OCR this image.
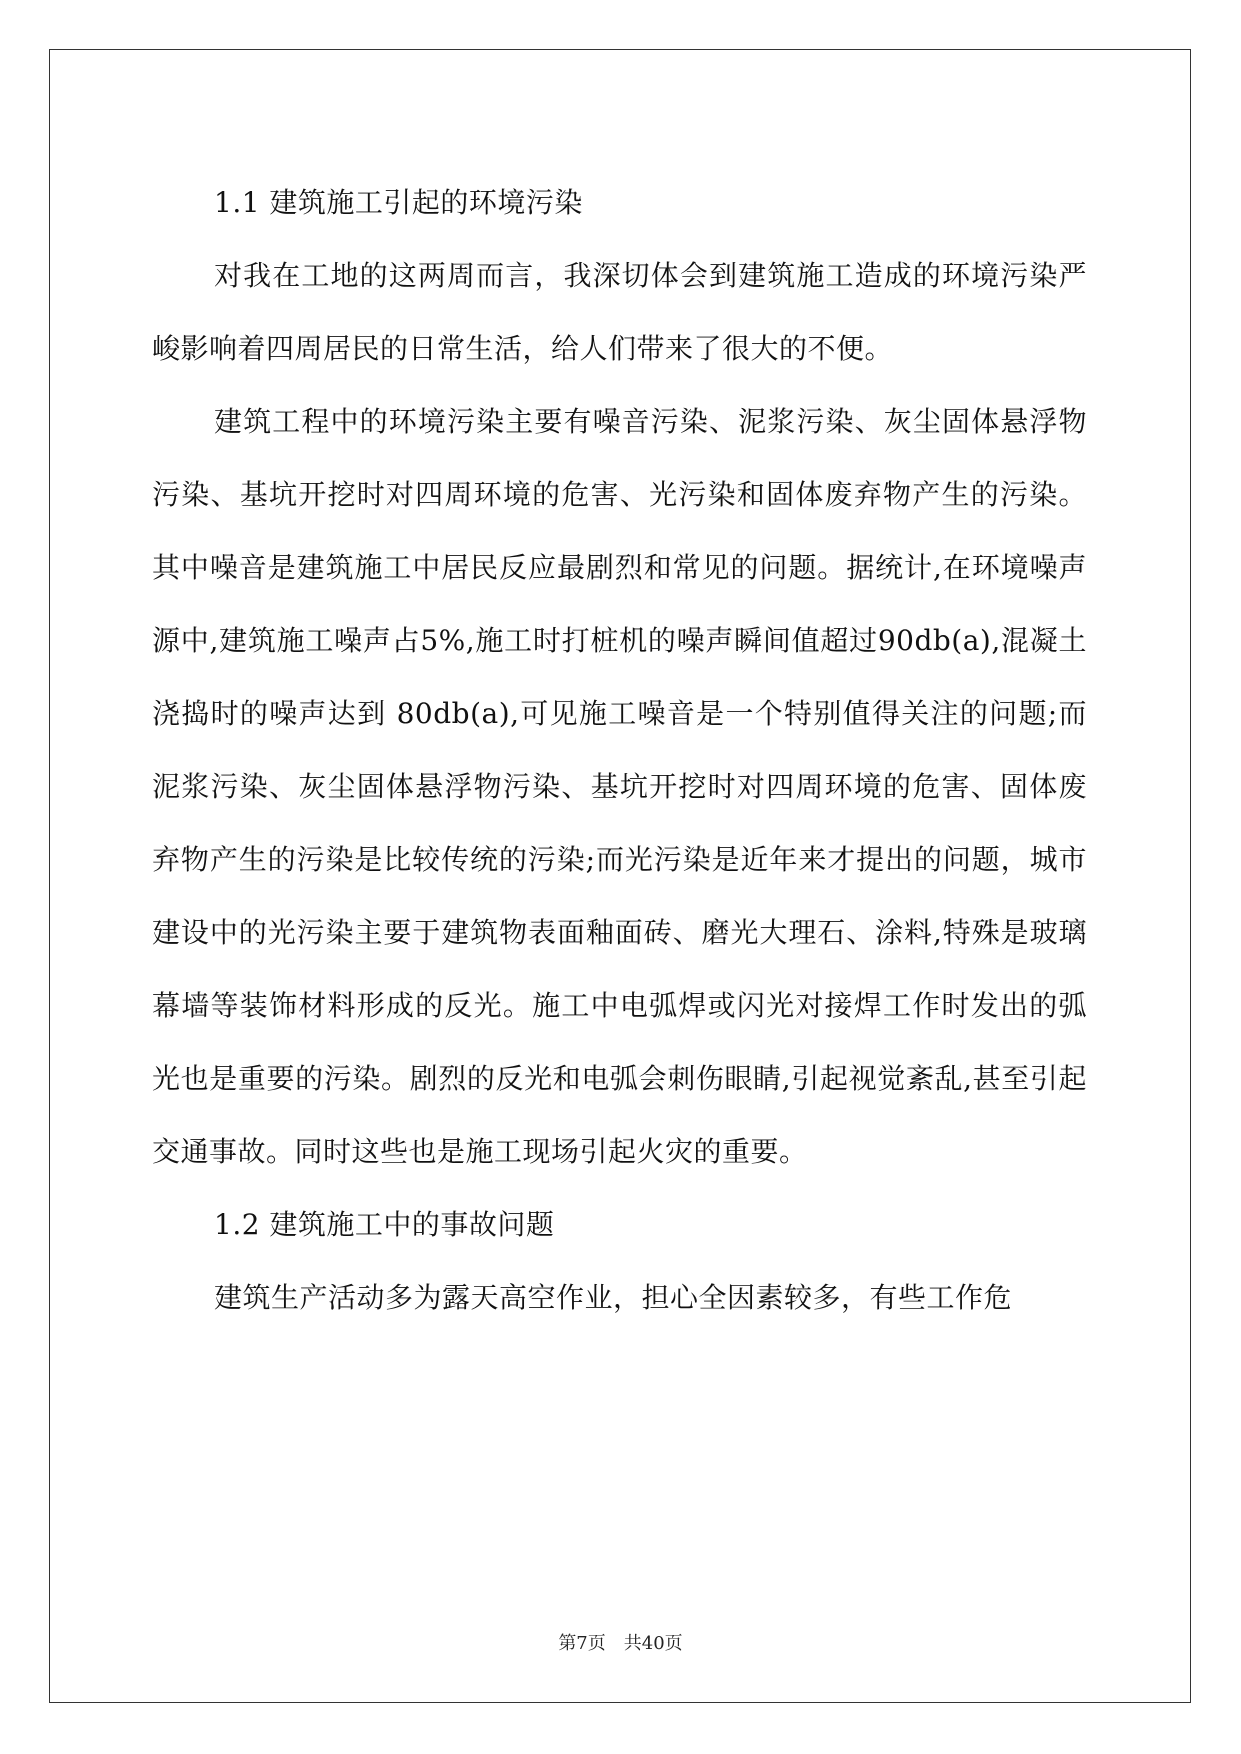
1.1 建筑施工引起的环境污染

对我在工地的这两周而言，我深切体会到建筑施工造成的环境污染严峻影响着四周居民的日常生活，给人们带来了很大的不便。

建筑工程中的环境污染主要有噪音污染、泥浆污染、灰尘固体悬浮物污染、基坑开挖时对四周环境的危害、光污染和固体废弃物产生的污染。其中噪音是建筑施工中居民反应最剧烈和常见的问题。据统计,在环境噪声源中,建筑施工噪声占5%,施工时打桩机的噪声瞬间值超过90db(a),混凝土浇捣时的噪声达到 80db(a),可见施工噪音是一个特别值得关注的问题;而泥浆污染、灰尘固体悬浮物污染、基坑开挖时对四周环境的危害、固体废弃物产生的污染是比较传统的污染;而光污染是近年来才提出的问题，城市建设中的光污染主要于建筑物表面釉面砖、磨光大理石、涂料,特殊是玻璃幕墙等装饰材料形成的反光。施工中电弧焊或闪光对接焊工作时发出的弧光也是重要的污染。剧烈的反光和电弧会刺伤眼睛,引起视觉紊乱,甚至引起交通事故。同时这些也是施工现场引起火灾的重要。

1.2 建筑施工中的事故问题

建筑生产活动多为露天高空作业，担心全因素较多，有些工作危

第7页 共40页
